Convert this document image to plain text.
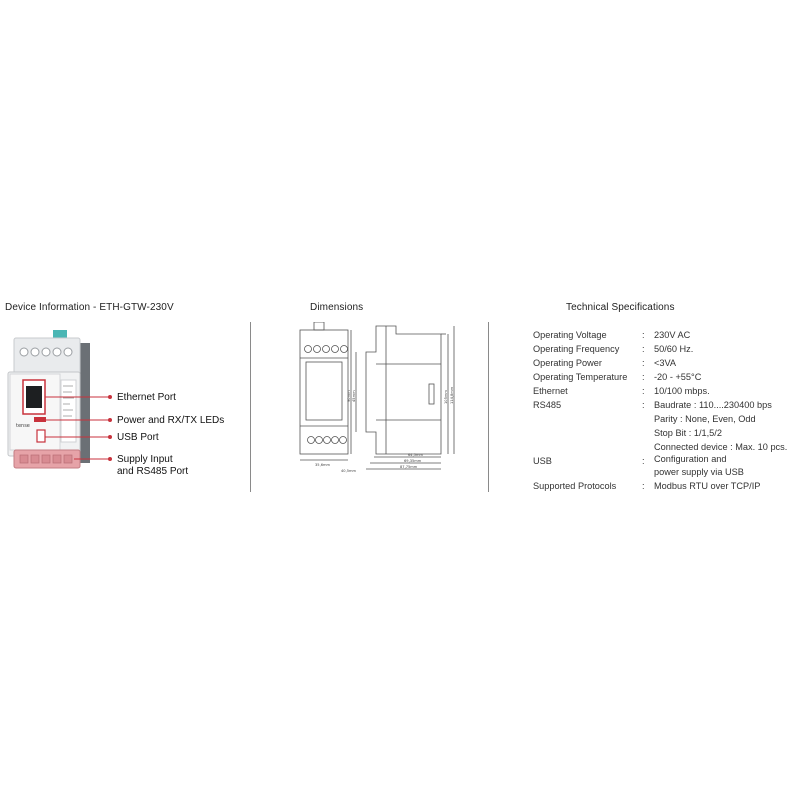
Device Information - ETH-GTW-230V	Dimensions	Technical Specifications
tense
Ethernet Port
Power and RX/TX LEDs
USB Port
Supply Input
and RS485 Port
35,6mm
64,5mm
69,35mm
87,75mm
40,5mm
90mm 45mm	105mm 114,8mm
Operating Voltage	: 230V AC
Operating Frequency : 50/60 Hz.
Operating Power	: <3VA
Operating Temperature : -20 - +55°C
Ethernet	: 10/100 mbps.
RS485	: Baudrate : 110....230400 bps
Parity : None, Even, Odd
Stop Bit : 1/1,5/2
Connected device : Max. 10 pcs.
USB	: Configuration and
power supply via USB
Supported Protocols	: Modbus RTU over TCP/IP
